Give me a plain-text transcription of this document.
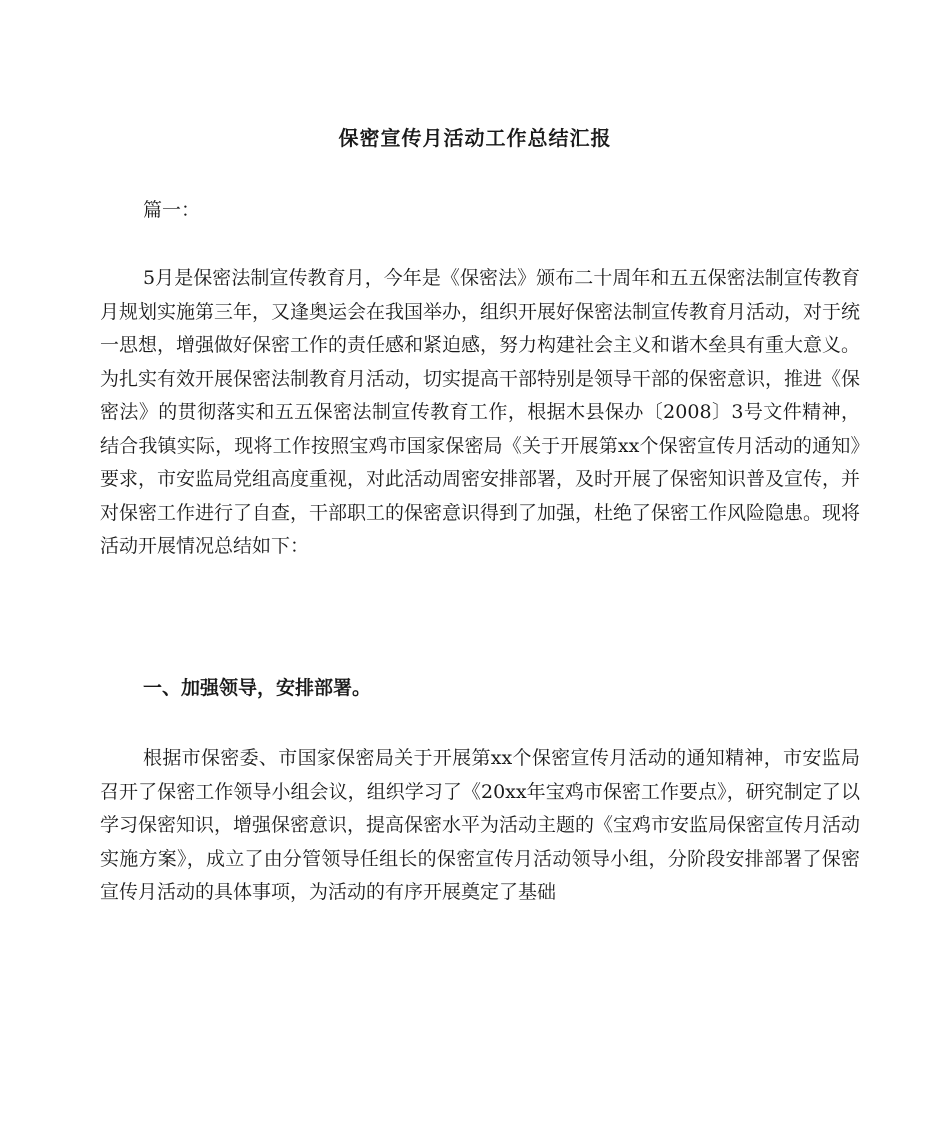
保密宣传月活动工作总结汇报
篇一：

5月是保密法制宣传教育月，今年是《保密法》颁布二十周年和五五保密法制宣传教育月规划实施第三年，又逢奥运会在我国举办，组织开展好保密法制宣传教育月活动，对于统一思想，增强做好保密工作的责任感和紧迫感，努力构建社会主义和谐木垒具有重大意义。为扎实有效开展保密法制教育月活动，切实提高干部特别是领导干部的保密意识，推进《保密法》的贯彻落实和五五保密法制宣传教育工作，根据木县保办〔2008〕3号文件精神，结合我镇实际，现将工作按照宝鸡市国家保密局《关于开展第xx个保密宣传月活动的通知》要求，市安监局党组高度重视，对此活动周密安排部署，及时开展了保密知识普及宣传，并对保密工作进行了自查，干部职工的保密意识得到了加强，杜绝了保密工作风险隐患。现将活动开展情况总结如下：

一、加强领导，安排部署。

根据市保密委、市国家保密局关于开展第xx个保密宣传月活动的通知精神，市安监局召开了保密工作领导小组会议，组织学习了《20xx年宝鸡市保密工作要点》，研究制定了以学习保密知识，增强保密意识，提高保密水平为活动主题的《宝鸡市安监局保密宣传月活动实施方案》，成立了由分管领导任组长的保密宣传月活动领导小组，分阶段安排部署了保密宣传月活动的具体事项，为活动的有序开展奠定了基础
